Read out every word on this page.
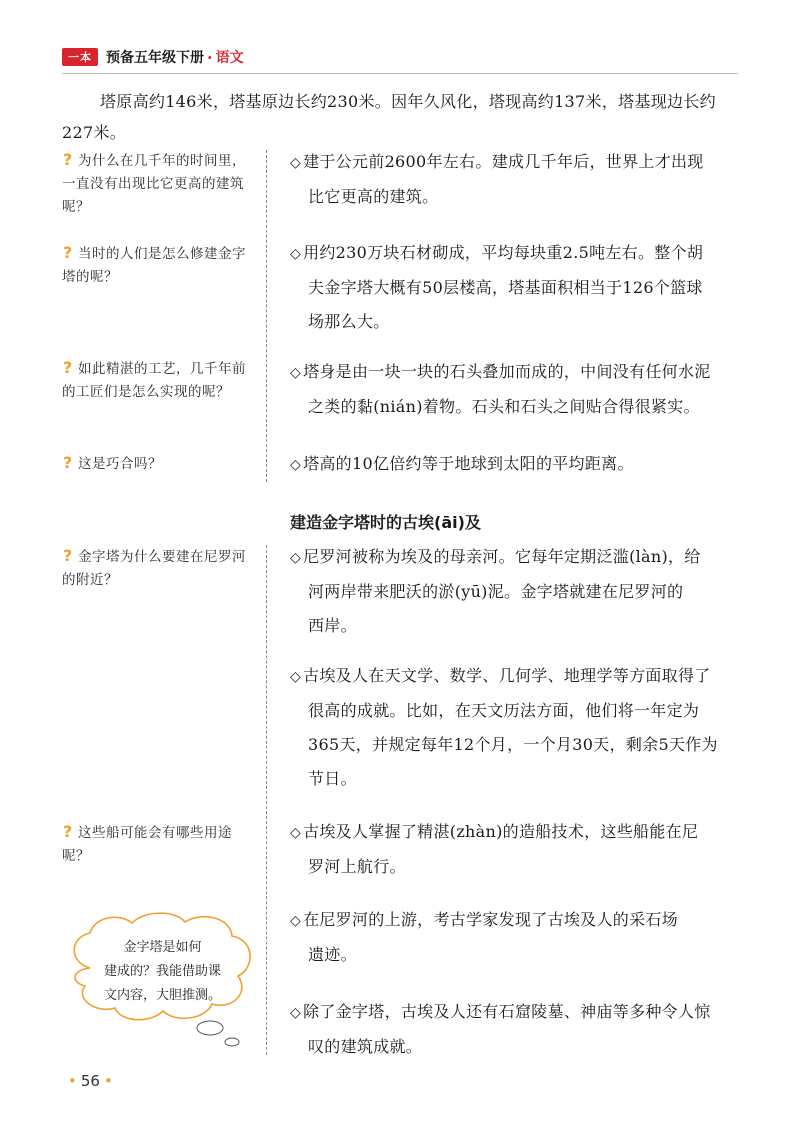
一本	预备五年级下册 · 语文
塔原高约146米，塔基原边长约230米。因年久风化，塔现高约137米，塔基现边长约
227米。
? 为什么在几千年的时间里，一直没有出现比它更高的建筑呢？
? 当时的人们是怎么修建金字塔的呢？
? 如此精湛的工艺，几千年前的工匠们是怎么实现的呢？
? 这是巧合吗？
◇ 建于公元前2600年左右。建成几千年后，世界上才出现
比它更高的建筑。
◇ 用约230万块石材砌成，平均每块重2.5吨左右。整个胡
夫金字塔大概有50层楼高，塔基面积相当于126个篮球
场那么大。
◇ 塔身是由一块一块的石头叠加而成的，中间没有任何水泥
之类的黏(nián)着物。石头和石头之间贴合得很紧实。
◇ 塔高的10亿倍约等于地球到太阳的平均距离。
建造金字塔时的古埃(āi)及
? 金字塔为什么要建在尼罗河的附近？
? 这些船可能会有哪些用途呢？
◇ 尼罗河被称为埃及的母亲河。它每年定期泛滥(làn)，给
河两岸带来肥沃的淤(yū)泥。金字塔就建在尼罗河的
西岸。
◇ 古埃及人在天文学、数学、几何学、地理学等方面取得了
很高的成就。比如，在天文历法方面，他们将一年定为
365天，并规定每年12个月，一个月30天，剩余5天作为
节日。
◇ 古埃及人掌握了精湛(zhàn)的造船技术，这些船能在尼
罗河上航行。
◇ 在尼罗河的上游，考古学家发现了古埃及人的采石场
遗迹。
◇ 除了金字塔，古埃及人还有石窟陵墓、神庙等多种令人惊
叹的建筑成就。
金字塔是如何
建成的？我能借助课
文内容，大胆推测。
• 56 •
